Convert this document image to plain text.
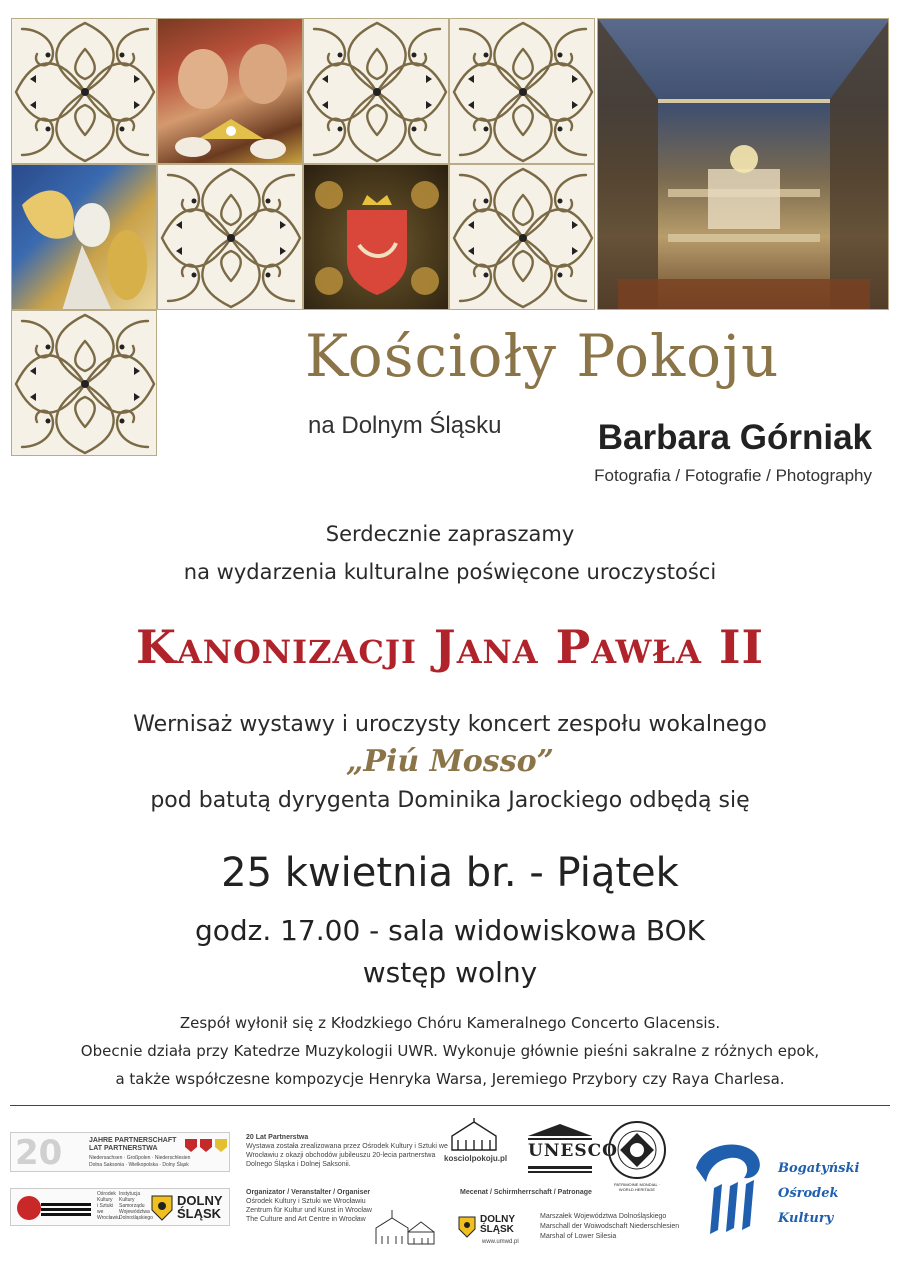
Kościoły Pokoju
na Dolnym Śląsku	Barbara Górniak
Fotografia / Fotografie / Photography
Serdecznie zapraszamy
na wydarzenia kulturalne poświęcone uroczystości
Kanonizacji Jana Pawła II
Wernisaż wystawy i uroczysty koncert zespołu wokalnego
„Piú Mosso”
pod batutą dyrygenta Dominika Jarockiego odbędą się
25 kwietnia br. - Piątek
godz. 17.00 - sala widowiskowa BOK
wstęp wolny
Zespół wyłonił się z Kłodzkiego Chóru Kameralnego Concerto Glacensis.
Obecnie działa przy Katedrze Muzykologii UWR. Wykonuje głównie pieśni sakralne z różnych epok,
a także współczesne kompozycje Henryka Warsa, Jeremiego Przybory czy Raya Charlesa.
20	JAHRE PARTNERSCHAFT
LAT PARTNERSTWA
Niedersachsen · Großpolen · Niederschlesien
Dolna Saksonia · Wielkopolska · Dolny Śląsk
20 Lat Partnerstwa
Wystawa została zrealizowana przez Ośrodek Kultury i Sztuki we
Wrocławiu z okazji obchodów jubileuszu 20-lecia partnerstwa
Dolnego Śląska i Dolnej Saksonii.
Ośrodek
Kultury
i Sztuki
we
Wrocławiu
Instytucja
Kultury
Samorządu
Województwa
Dolnośląskiego
DOLNY
ŚLĄSK
Organizator / Veranstalter / Organiser
Ośrodek Kultury i Sztuki we Wrocławiu
Zentrum für Kultur und Kunst in Wrocław
The Culture and Art Centre in Wrocław
kosciolpokoju.pl UNESCO
PATRIMOINE MONDIAL · WORLD HERITAGE
Mecenat / Schirmherrschaft / Patronage
DOLNY
ŚLĄSK
www.umwd.pl
Marszałek Województwa Dolnośląskiego
Marschall der Woiwodschaft Niederschlesien
Marshal of Lower Silesia
Bogatyński
Ośrodek
Kultury
